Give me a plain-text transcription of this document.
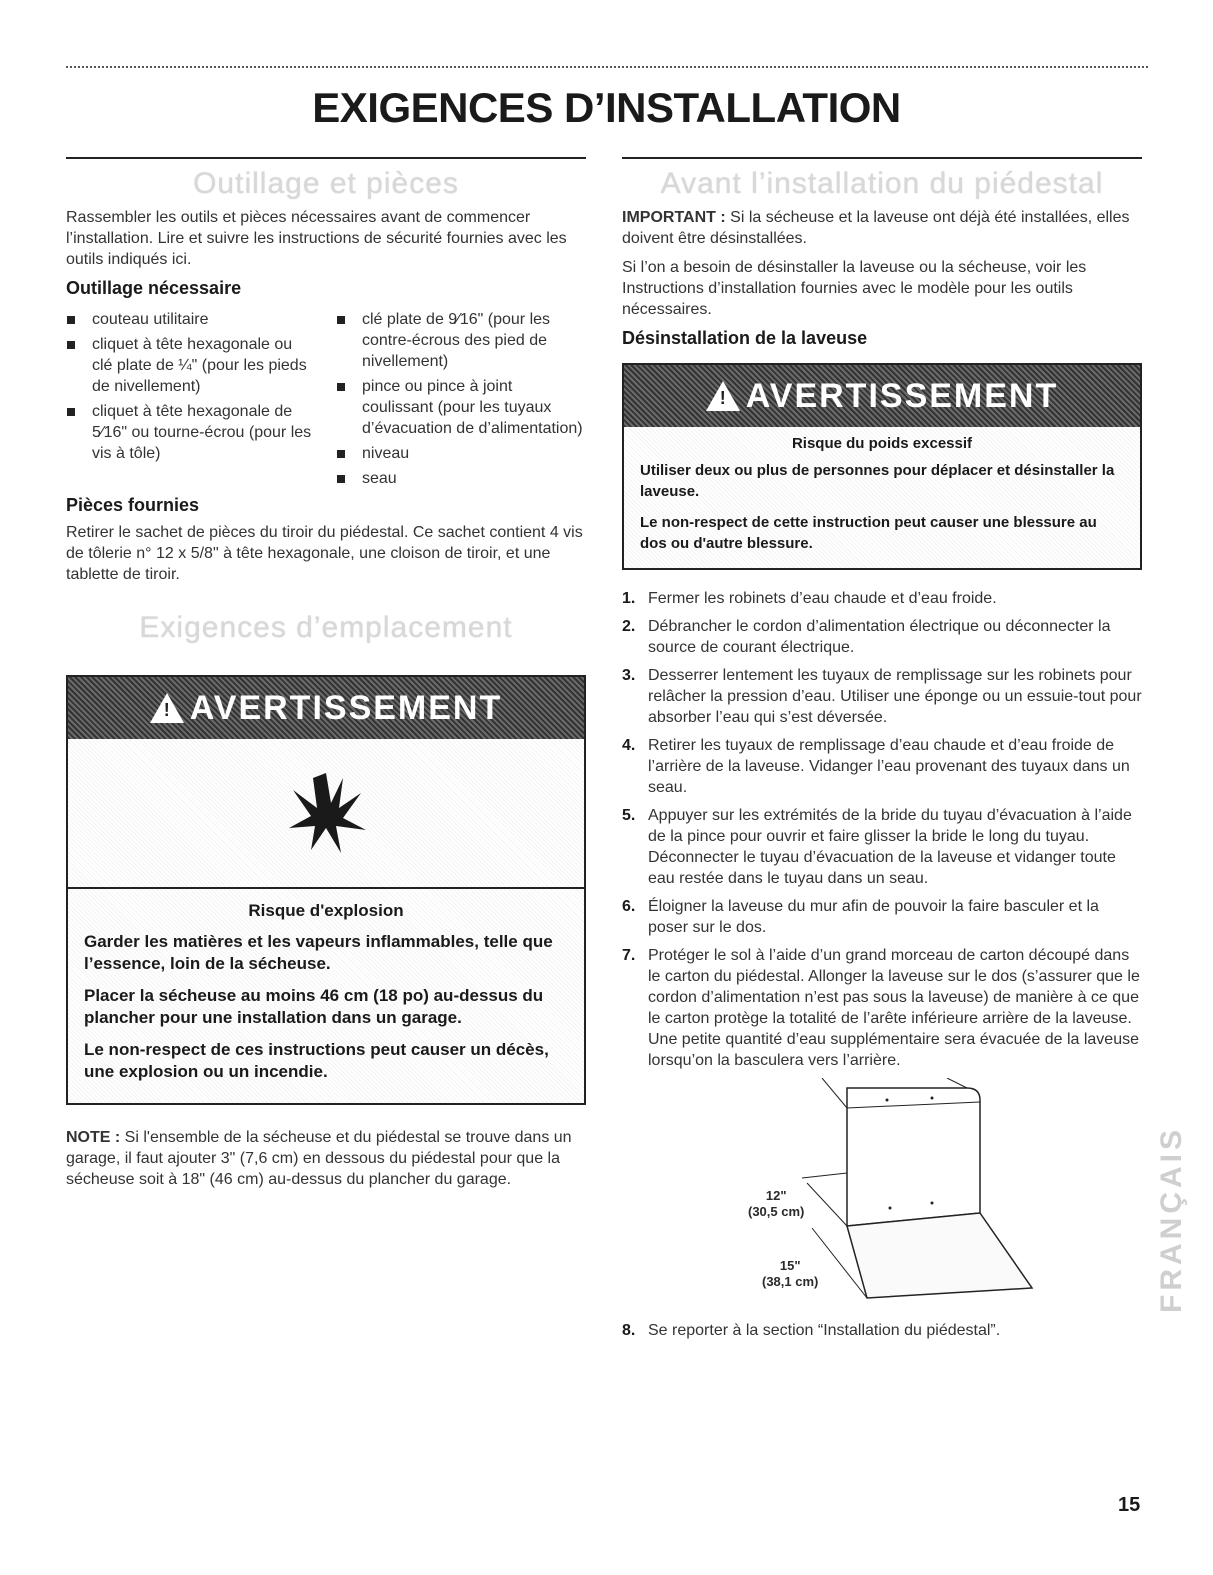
EXIGENCES D’INSTALLATION
Outillage et pièces

Rassembler les outils et pièces nécessaires avant de commencer l’installation. Lire et suivre les instructions de sécurité fournies avec les outils indiqués ici.

Outillage nécessaire
couteau utilitaire
cliquet à tête hexagonale ou clé plate de ¼" (pour les pieds de nivellement)
cliquet à tête hexagonale de 5⁄16" ou tourne-écrou (pour les vis à tôle)
clé plate de 9⁄16" (pour les contre-écrous des pied de nivellement)
pince ou pince à joint coulissant (pour les tuyaux d’évacuation de d’alimentation)
niveau
seau
Pièces fournies

Retirer le sachet de pièces du tiroir du piédestal. Ce sachet contient 4 vis de tôlerie n° 12 x 5/8" à tête hexagonale, une cloison de tiroir, et une tablette de tiroir.

Exigences d’emplacement
! AVERTISSEMENT
Risque d'explosion
Garder les matières et les vapeurs inflammables, telle que l’essence, loin de la sécheuse.
Placer la sécheuse au moins 46 cm (18 po) au-dessus du plancher pour une installation dans un garage.
Le non-respect de ces instructions peut causer un décès, une explosion ou un incendie.

NOTE : Si l'ensemble de la sécheuse et du piédestal se trouve dans un garage, il faut ajouter 3" (7,6 cm) en dessous du piédestal pour que la sécheuse soit à 18" (46 cm) au-dessus du plancher du garage.

Avant l’installation du piédestal

IMPORTANT : Si la sécheuse et la laveuse ont déjà été installées, elles doivent être désinstallées.

Si l’on a besoin de désinstaller la laveuse ou la sécheuse, voir les Instructions d’installation fournies avec le modèle pour les outils nécessaires.

Désinstallation de la laveuse
! AVERTISSEMENT
Risque du poids excessif
Utiliser deux ou plus de personnes pour déplacer et désinstaller la laveuse.
Le non-respect de cette instruction peut causer une blessure au dos ou d'autre blessure.
1. Fermer les robinets d’eau chaude et d’eau froide.
2. Débrancher le cordon d’alimentation électrique ou déconnecter la source de courant électrique.
3. Desserrer lentement les tuyaux de remplissage sur les robinets pour relâcher la pression d’eau. Utiliser une éponge ou un essuie-tout pour absorber l’eau qui s’est déversée.
4. Retirer les tuyaux de remplissage d’eau chaude et d’eau froide de l’arrière de la laveuse. Vidanger l’eau provenant des tuyaux dans un seau.
5. Appuyer sur les extrémités de la bride du tuyau d’évacuation à l’aide de la pince pour ouvrir et faire glisser la bride le long du tuyau. Déconnecter le tuyau d’évacuation de la laveuse et vidanger toute eau restée dans le tuyau dans un seau.
6. Éloigner la laveuse du mur afin de pouvoir la faire basculer et la poser sur le dos.
7. Protéger le sol à l’aide d’un grand morceau de carton découpé dans le carton du piédestal. Allonger la laveuse sur le dos (s’assurer que le cordon d’alimentation n’est pas sous la laveuse) de manière à ce que le carton protège la totalité de l’arête inférieure arrière de la laveuse. Une petite quantité d’eau supplémentaire sera évacuée de la laveuse lorsqu’on la basculera vers l’arrière.
12"
(30,5 cm)
15"
(38,1 cm)
8. Se reporter à la section “Installation du piédestal”.
FRANÇAIS
15
